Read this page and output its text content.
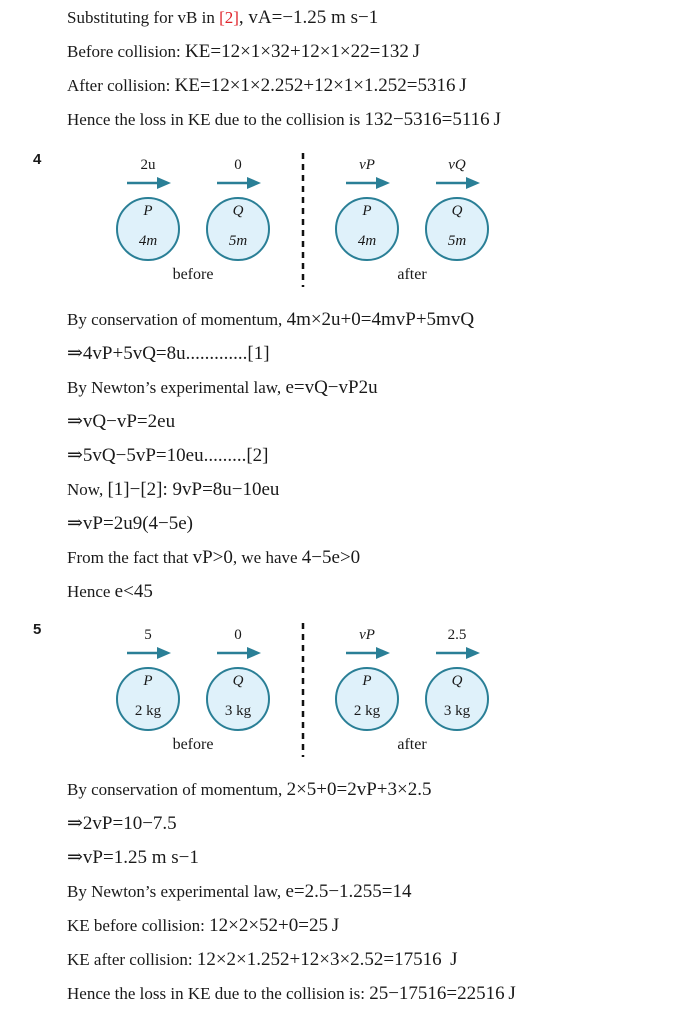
Substituting for vB in [2], vA=−1.25 m s−1
Before collision: KE=12×1×32+12×1×22=132 J
After collision: KE=12×1×2.252+12×1×1.252=5316 J
Hence the loss in KE due to the collision is 132−5316=5116 J
4	2u
P
4m
0
Q
5m
vP
P
4m
vQ
Q
5m
before	after
By conservation of momentum, 4m×2u+0=4mvP+5mvQ
⇒4vP+5vQ=8u.............[1]
By Newton’s experimental law, e=vQ−vP2u
⇒vQ−vP=2eu
⇒5vQ−5vP=10eu.........[2]
Now, [1]−[2]: 9vP=8u−10eu
⇒vP=2u9(4−5e)
From the fact that vP>0, we have 4−5e>0
Hence e<45
5	5
P
2 kg
0
Q
3 kg
vP
P
2 kg
2.5
Q
3 kg
before	after
By conservation of momentum, 2×5+0=2vP+3×2.5
⇒2vP=10−7.5
⇒vP=1.25 m s−1
By Newton’s experimental law, e=2.5−1.255=14
KE before collision: 12×2×52+0=25 J
KE after collision: 12×2×1.252+12×3×2.52=17516  J
Hence the loss in KE due to the collision is: 25−17516=22516 J
